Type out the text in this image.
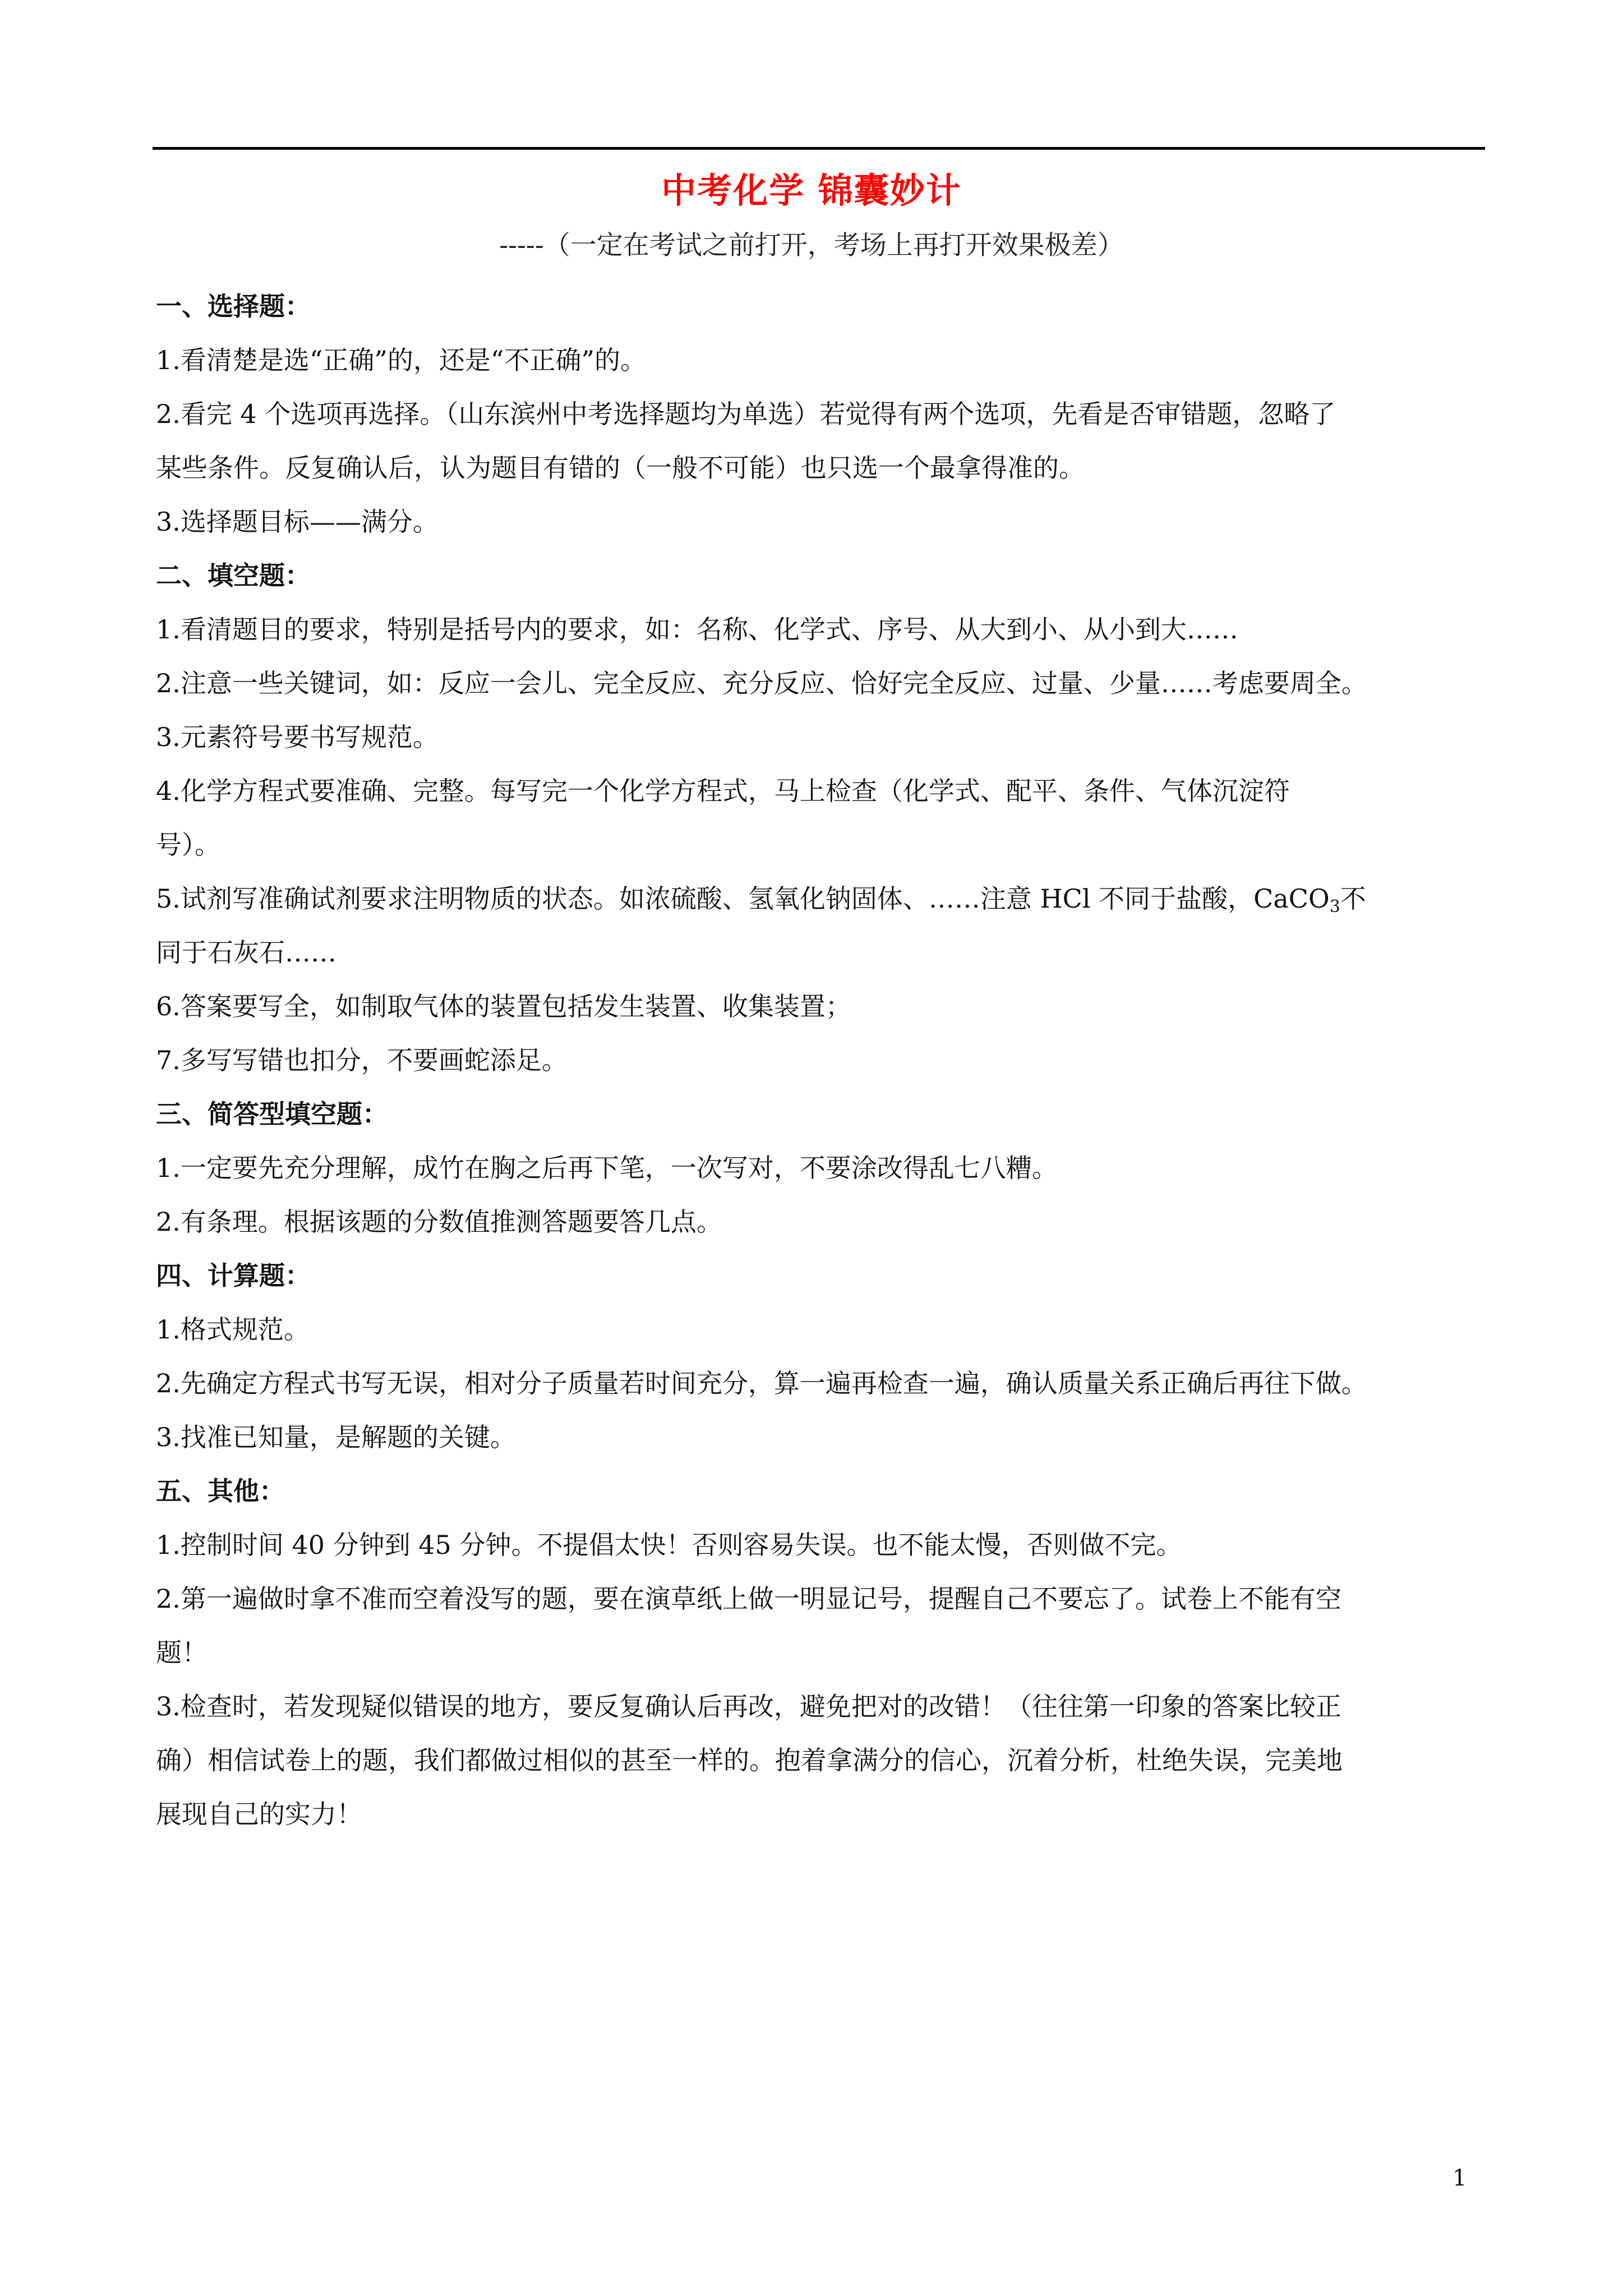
中考化学 锦囊妙计
-----（一定在考试之前打开，考场上再打开效果极差）
一、选择题：
1.看清楚是选“正确”的，还是“不正确”的。
2.看完 4 个选项再选择。（山东滨州中考选择题均为单选）若觉得有两个选项，先看是否审错题，忽略了
某些条件。反复确认后，认为题目有错的（一般不可能）也只选一个最拿得准的。
3.选择题目标——满分。
二、填空题：
1.看清题目的要求，特别是括号内的要求，如：名称、化学式、序号、从大到小、从小到大……
2.注意一些关键词，如：反应一会儿、完全反应、充分反应、恰好完全反应、过量、少量……考虑要周全。
3.元素符号要书写规范。
4.化学方程式要准确、完整。每写完一个化学方程式，马上检查（化学式、配平、条件、气体沉淀符
号）。
5.试剂写准确试剂要求注明物质的状态。如浓硫酸、氢氧化钠固体、……注意 HCl 不同于盐酸，CaCO$_3$不
同于石灰石……
6.答案要写全，如制取气体的装置包括发生装置、收集装置；
7.多写写错也扣分，不要画蛇添足。
三、简答型填空题：
1.一定要先充分理解，成竹在胸之后再下笔，一次写对，不要涂改得乱七八糟。
2.有条理。根据该题的分数值推测答题要答几点。
四、计算题：
1.格式规范。
2.先确定方程式书写无误，相对分子质量若时间充分，算一遍再检查一遍，确认质量关系正确后再往下做。
3.找准已知量，是解题的关键。
五、其他：
1.控制时间 40 分钟到 45 分钟。不提倡太快！否则容易失误。也不能太慢，否则做不完。
2.第一遍做时拿不准而空着没写的题，要在演草纸上做一明显记号，提醒自己不要忘了。试卷上不能有空
题！
3.检查时，若发现疑似错误的地方，要反复确认后再改，避免把对的改错！（往往第一印象的答案比较正
确）相信试卷上的题，我们都做过相似的甚至一样的。抱着拿满分的信心，沉着分析，杜绝失误，完美地
展现自己的实力！
1
